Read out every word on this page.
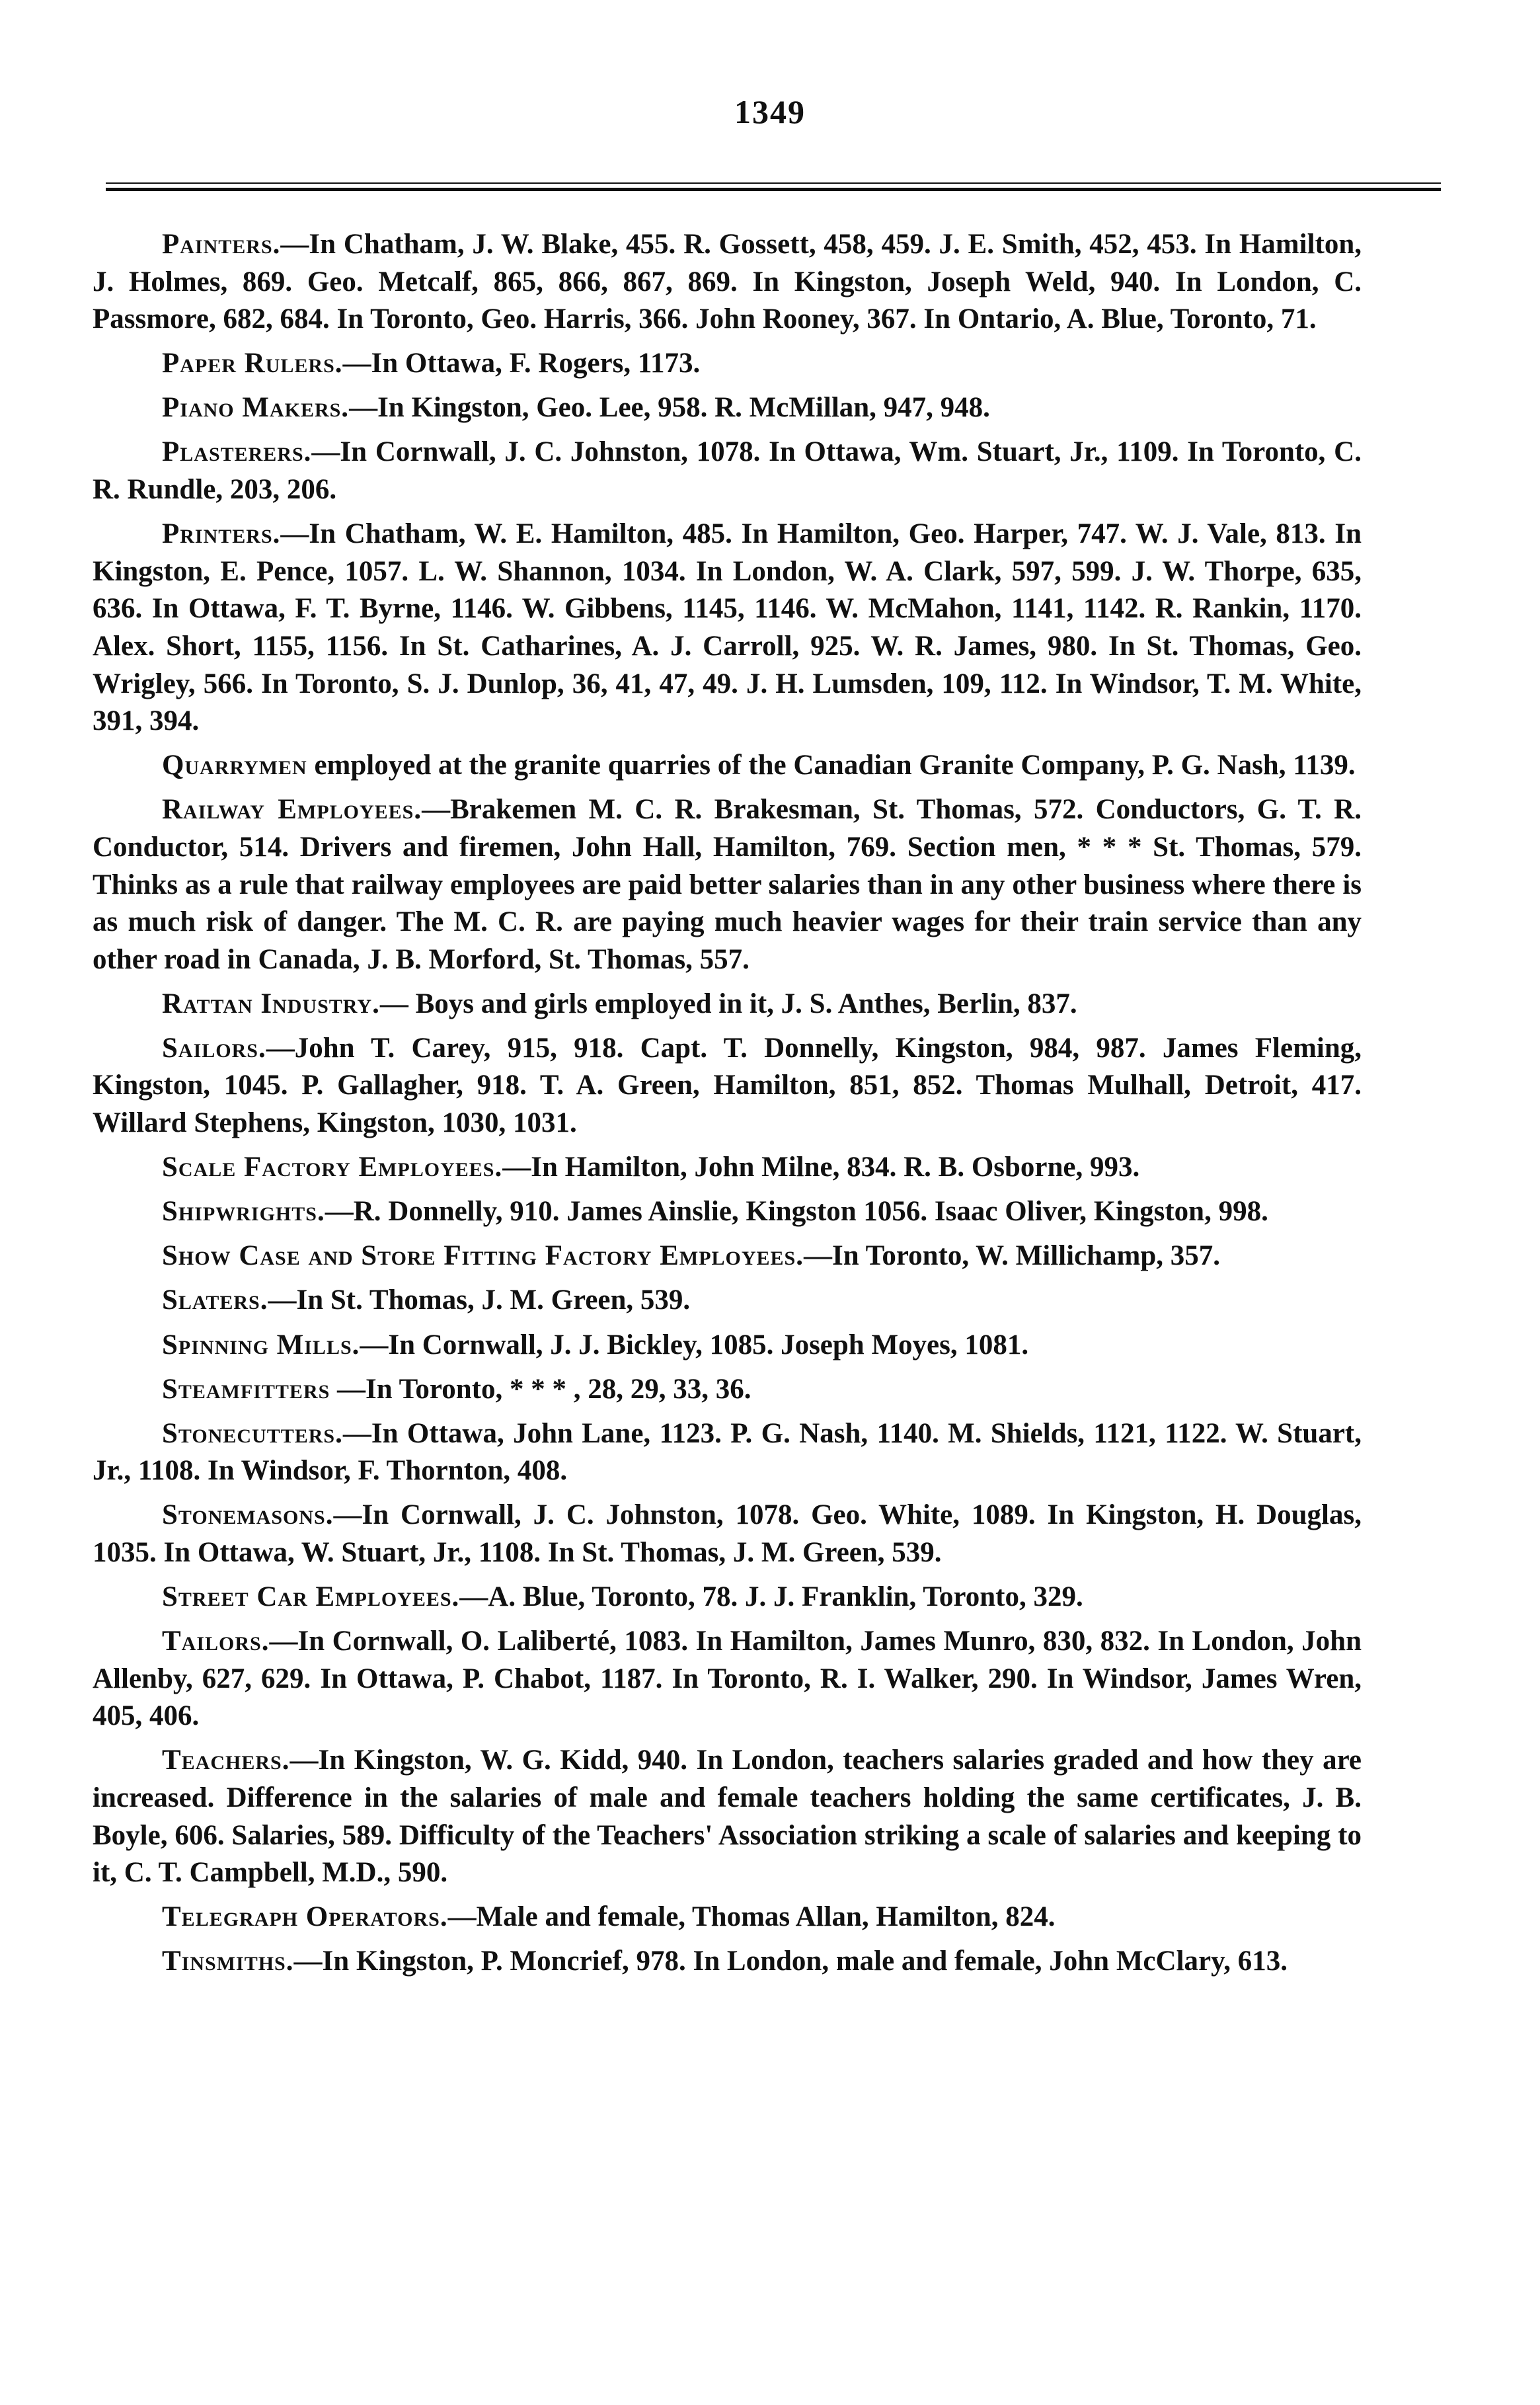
1349

Painters.—In Chatham, J. W. Blake, 455. R. Gossett, 458, 459. J. E. Smith, 452, 453. In Hamilton, J. Holmes, 869. Geo. Metcalf, 865, 866, 867, 869. In Kingston, Joseph Weld, 940. In London, C. Passmore, 682, 684. In Toronto, Geo. Harris, 366. John Rooney, 367. In Ontario, A. Blue, Toronto, 71.

Paper Rulers.—In Ottawa, F. Rogers, 1173.

Piano Makers.—In Kingston, Geo. Lee, 958. R. McMillan, 947, 948.

Plasterers.—In Cornwall, J. C. Johnston, 1078. In Ottawa, Wm. Stuart, Jr., 1109. In Toronto, C. R. Rundle, 203, 206.

Printers.—In Chatham, W. E. Hamilton, 485. In Hamilton, Geo. Harper, 747. W. J. Vale, 813. In Kingston, E. Pence, 1057. L. W. Shannon, 1034. In London, W. A. Clark, 597, 599. J. W. Thorpe, 635, 636. In Ottawa, F. T. Byrne, 1146. W. Gibbens, 1145, 1146. W. McMahon, 1141, 1142. R. Rankin, 1170. Alex. Short, 1155, 1156. In St. Catharines, A. J. Carroll, 925. W. R. James, 980. In St. Thomas, Geo. Wrigley, 566. In Toronto, S. J. Dunlop, 36, 41, 47, 49. J. H. Lumsden, 109, 112. In Windsor, T. M. White, 391, 394.

Quarrymen employed at the granite quarries of the Canadian Granite Company, P. G. Nash, 1139.

Railway Employees.—Brakemen M. C. R. Brakesman, St. Thomas, 572. Conductors, G. T. R. Conductor, 514. Drivers and firemen, John Hall, Hamilton, 769. Section men, * * * St. Thomas, 579. Thinks as a rule that railway employees are paid better salaries than in any other business where there is as much risk of danger. The M. C. R. are paying much heavier wages for their train service than any other road in Canada, J. B. Morford, St. Thomas, 557.

Rattan Industry.— Boys and girls employed in it, J. S. Anthes, Berlin, 837.

Sailors.—John T. Carey, 915, 918. Capt. T. Donnelly, Kingston, 984, 987. James Fleming, Kingston, 1045. P. Gallagher, 918. T. A. Green, Hamilton, 851, 852. Thomas Mulhall, Detroit, 417. Willard Stephens, Kingston, 1030, 1031.

Scale Factory Employees.—In Hamilton, John Milne, 834. R. B. Osborne, 993.

Shipwrights.—R. Donnelly, 910. James Ainslie, Kingston 1056. Isaac Oliver, Kingston, 998.

Show Case and Store Fitting Factory Employees.—In Toronto, W. Millichamp, 357.

Slaters.—In St. Thomas, J. M. Green, 539.

Spinning Mills.—In Cornwall, J. J. Bickley, 1085. Joseph Moyes, 1081.

Steamfitters —In Toronto, * * * , 28, 29, 33, 36.

Stonecutters.—In Ottawa, John Lane, 1123. P. G. Nash, 1140. M. Shields, 1121, 1122. W. Stuart, Jr., 1108. In Windsor, F. Thornton, 408.

Stonemasons.—In Cornwall, J. C. Johnston, 1078. Geo. White, 1089. In Kingston, H. Douglas, 1035. In Ottawa, W. Stuart, Jr., 1108. In St. Thomas, J. M. Green, 539.

Street Car Employees.—A. Blue, Toronto, 78. J. J. Franklin, Toronto, 329.

Tailors.—In Cornwall, O. Laliberté, 1083. In Hamilton, James Munro, 830, 832. In London, John Allenby, 627, 629. In Ottawa, P. Chabot, 1187. In Toronto, R. I. Walker, 290. In Windsor, James Wren, 405, 406.

Teachers.—In Kingston, W. G. Kidd, 940. In London, teachers salaries graded and how they are increased. Difference in the salaries of male and female teachers holding the same certificates, J. B. Boyle, 606. Salaries, 589. Difficulty of the Teachers' Association striking a scale of salaries and keeping to it, C. T. Campbell, M.D., 590.

Telegraph Operators.—Male and female, Thomas Allan, Hamilton, 824.

Tinsmiths.—In Kingston, P. Moncrief, 978. In London, male and female, John McClary, 613.
